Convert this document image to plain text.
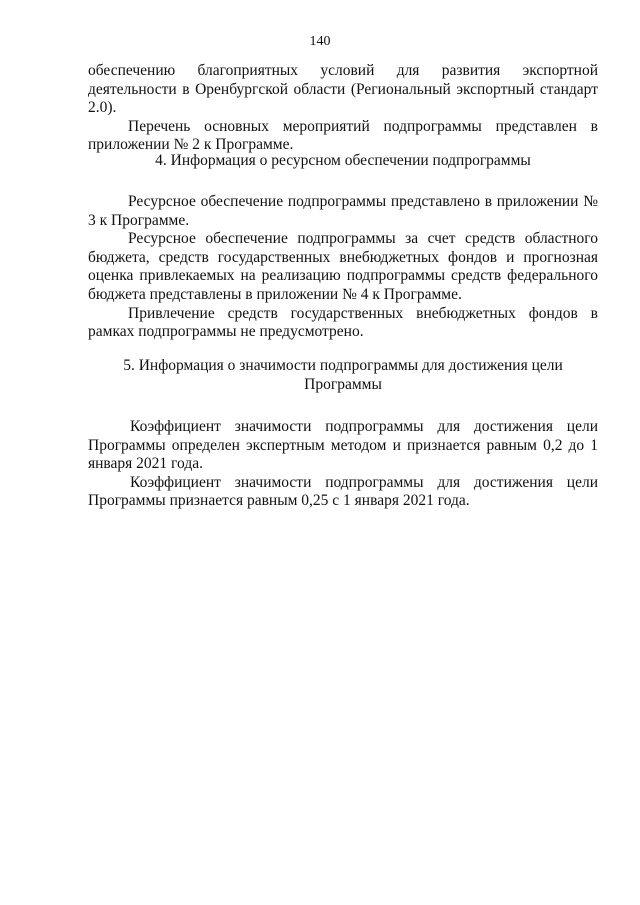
140

обеспечению благоприятных условий для развития экспортной деятельности в Оренбургской области (Региональный экспортный стандарт 2.0).

Перечень основных мероприятий подпрограммы представлен в приложении № 2 к Программе.

4. Информация о ресурсном обеспечении подпрограммы

Ресурсное обеспечение подпрограммы представлено в приложении № 3 к Программе.

Ресурсное обеспечение подпрограммы за счет средств областного бюджета, средств государственных внебюджетных фондов и прогнозная оценка привлекаемых на реализацию подпрограммы средств федерального бюджета представлены в приложении № 4 к Программе.

Привлечение средств государственных внебюджетных фондов в рамках подпрограммы не предусмотрено.

5. Информация о значимости подпрограммы для достижения цели
Программы

Коэффициент значимости подпрограммы для достижения цели Программы определен экспертным методом и признается равным 0,2 до 1 января 2021 года.

Коэффициент значимости подпрограммы для достижения цели Программы признается равным 0,25 с 1 января 2021 года.
